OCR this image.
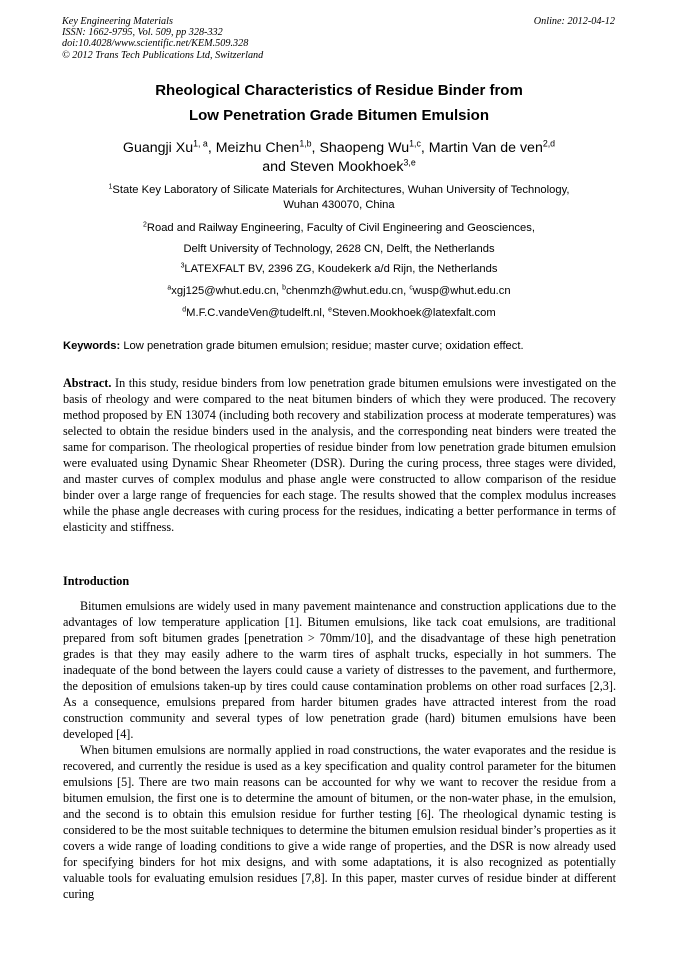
Key Engineering Materials
ISSN: 1662-9795, Vol. 509, pp 328-332
doi:10.4028/www.scientific.net/KEM.509.328
© 2012 Trans Tech Publications Ltd, Switzerland
Online: 2012-04-12
Rheological Characteristics of Residue Binder from
Low Penetration Grade Bitumen Emulsion
Guangji Xu$^{1, a}$, Meizhu Chen$^{1,b}$, Shaopeng Wu$^{1,c}$, Martin Van de ven$^{2,d}$
and Steven Mookhoek$^{3,e}$
$^1$State Key Laboratory of Silicate Materials for Architectures, Wuhan University of Technology,
Wuhan 430070, China
$^2$Road and Railway Engineering, Faculty of Civil Engineering and Geosciences,
Delft University of Technology, 2628 CN, Delft, the Netherlands
$^3$LATEXFALT BV, 2396 ZG, Koudekerk a/d Rijn, the Netherlands
$^a$xgj125@whut.edu.cn, $^b$chenmzh@whut.edu.cn, $^c$wusp@whut.edu.cn
$^d$M.F.C.vandeVen@tudelft.nl, $^e$Steven.Mookhoek@latexfalt.com
Keywords: Low penetration grade bitumen emulsion; residue; master curve; oxidation effect.

Abstract. In this study, residue binders from low penetration grade bitumen emulsions were investigated on the basis of rheology and were compared to the neat bitumen binders of which they were produced. The recovery method proposed by EN 13074 (including both recovery and stabilization process at moderate temperatures) was selected to obtain the residue binders used in the analysis, and the corresponding neat binders were treated the same for comparison. The rheological properties of residue binder from low penetration grade bitumen emulsion were evaluated using Dynamic Shear Rheometer (DSR). During the curing process, three stages were divided, and master curves of complex modulus and phase angle were constructed to allow comparison of the residue binder over a large range of frequencies for each stage. The results showed that the complex modulus increases while the phase angle decreases with curing process for the residues, indicating a better performance in terms of elasticity and stiffness.

Introduction

Bitumen emulsions are widely used in many pavement maintenance and construction applications due to the advantages of low temperature application [1]. Bitumen emulsions, like tack coat emulsions, are traditional prepared from soft bitumen grades [penetration > 70mm/10], and the disadvantage of these high penetration grades is that they may easily adhere to the warm tires of asphalt trucks, especially in hot summers. The inadequate of the bond between the layers could cause a variety of distresses to the pavement, and furthermore, the deposition of emulsions taken-up by tires could cause contamination problems on other road surfaces [2,3]. As a consequence, emulsions prepared from harder bitumen grades have attracted interest from the road construction community and several types of low penetration grade (hard) bitumen emulsions have been developed [4].

When bitumen emulsions are normally applied in road constructions, the water evaporates and the residue is recovered, and currently the residue is used as a key specification and quality control parameter for the bitumen emulsions [5]. There are two main reasons can be accounted for why we want to recover the residue from a bitumen emulsion, the first one is to determine the amount of bitumen, or the non-water phase, in the emulsion, and the second is to obtain this emulsion residue for further testing [6]. The rheological dynamic testing is considered to be the most suitable techniques to determine the bitumen emulsion residual binder’s properties as it covers a wide range of loading conditions to give a wide range of properties, and the DSR is now already used for specifying binders for hot mix designs, and with some adaptations, it is also recognized as potentially valuable tools for evaluating emulsion residues [7,8]. In this paper, master curves of residue binder at different curing
